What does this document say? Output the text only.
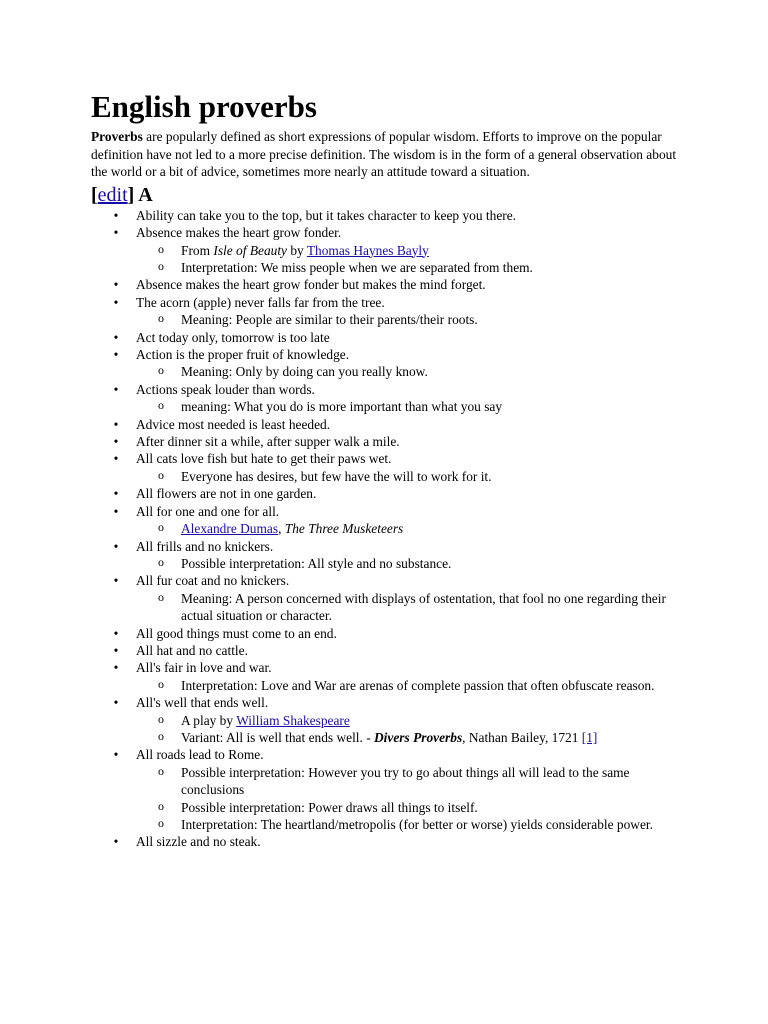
English proverbs

Proverbs are popularly defined as short expressions of popular wisdom. Efforts to improve on the popular definition have not led to a more precise definition. The wisdom is in the form of a general observation about the world or a bit of advice, sometimes more nearly an attitude toward a situation.

[edit] A
• Ability can take you to the top, but it takes character to keep you there.
• Absence makes the heart grow fonder.
o From Isle of Beauty by Thomas Haynes Bayly
o Interpretation: We miss people when we are separated from them.
• Absence makes the heart grow fonder but makes the mind forget.
• The acorn (apple) never falls far from the tree.
o Meaning: People are similar to their parents/their roots.
• Act today only, tomorrow is too late
• Action is the proper fruit of knowledge.
o Meaning: Only by doing can you really know.
• Actions speak louder than words.
o meaning: What you do is more important than what you say
• Advice most needed is least heeded.
• After dinner sit a while, after supper walk a mile.
• All cats love fish but hate to get their paws wet.
o Everyone has desires, but few have the will to work for it.
• All flowers are not in one garden.
• All for one and one for all.
o Alexandre Dumas, The Three Musketeers
• All frills and no knickers.
o Possible interpretation: All style and no substance.
• All fur coat and no knickers.
o Meaning: A person concerned with displays of ostentation, that fool no one regarding their actual situation or character.
• All good things must come to an end.
• All hat and no cattle.
• All's fair in love and war.
o Interpretation: Love and War are arenas of complete passion that often obfuscate reason.
• All's well that ends well.
o A play by William Shakespeare
o Variant: All is well that ends well. - Divers Proverbs, Nathan Bailey, 1721 [1]
• All roads lead to Rome.
o Possible interpretation: However you try to go about things all will lead to the same conclusions
o Possible interpretation: Power draws all things to itself.
o Interpretation: The heartland/metropolis (for better or worse) yields considerable power.
• All sizzle and no steak.
